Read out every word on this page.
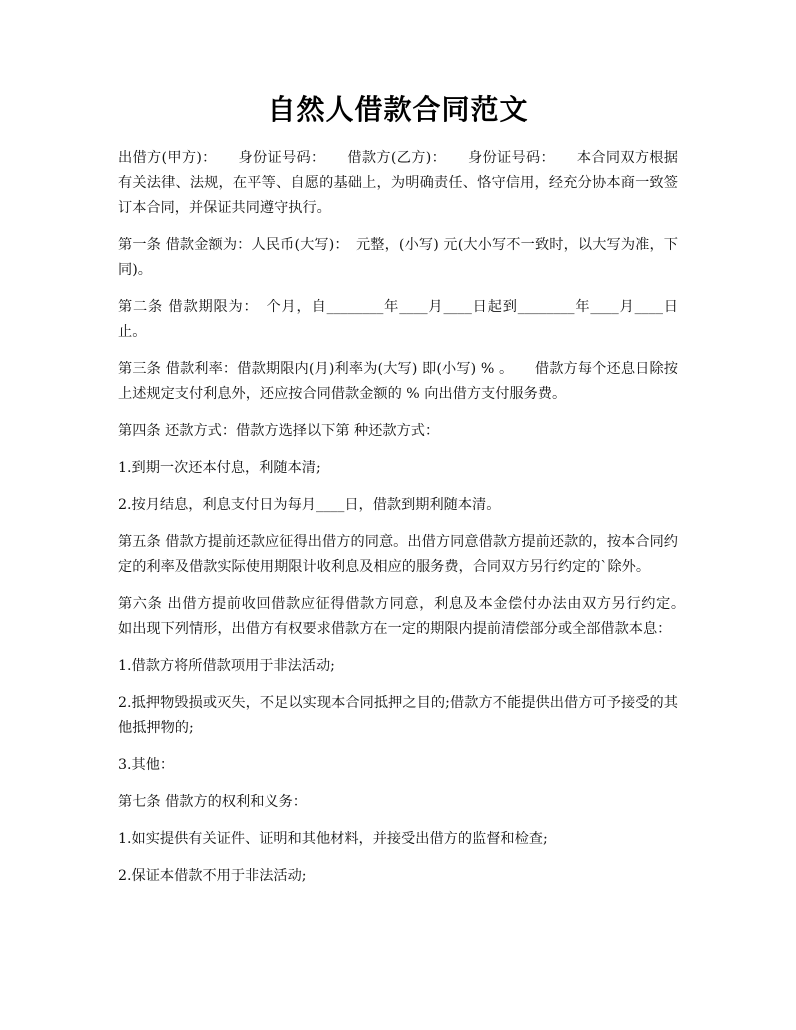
自然人借款合同范文

出借方(甲方)：　　身份证号码：　　借款方(乙方)：　　身份证号码：　　本合同双方根据有关法律、法规，在平等、自愿的基础上，为明确责任、恪守信用，经充分协本商一致签订本合同，并保证共同遵守执行。

第一条 借款金额为：人民币(大写)：　元整，(小写) 元(大小写不一致时，以大写为准，下同)。

第二条 借款期限为：　个月，自________年____月____日起到________年____月____日止。

第三条 借款利率：借款期限内(月)利率为(大写) 即(小写) % 。　　借款方每个还息日除按上述规定支付利息外，还应按合同借款金额的 % 向出借方支付服务费。

第四条 还款方式：借款方选择以下第 种还款方式：

1.到期一次还本付息，利随本清;

2.按月结息，利息支付日为每月____日，借款到期利随本清。

第五条 借款方提前还款应征得出借方的同意。出借方同意借款方提前还款的，按本合同约定的利率及借款实际使用期限计收利息及相应的服务费，合同双方另行约定的`除外。

第六条 出借方提前收回借款应征得借款方同意，利息及本金偿付办法由双方另行约定。　　如出现下列情形，出借方有权要求借款方在一定的期限内提前清偿部分或全部借款本息：

1.借款方将所借款项用于非法活动;

2.抵押物毁损或灭失，不足以实现本合同抵押之目的;借款方不能提供出借方可予接受的其他抵押物的;

3.其他：

第七条 借款方的权利和义务：

1.如实提供有关证件、证明和其他材料，并接受出借方的监督和检查;

2.保证本借款不用于非法活动;
